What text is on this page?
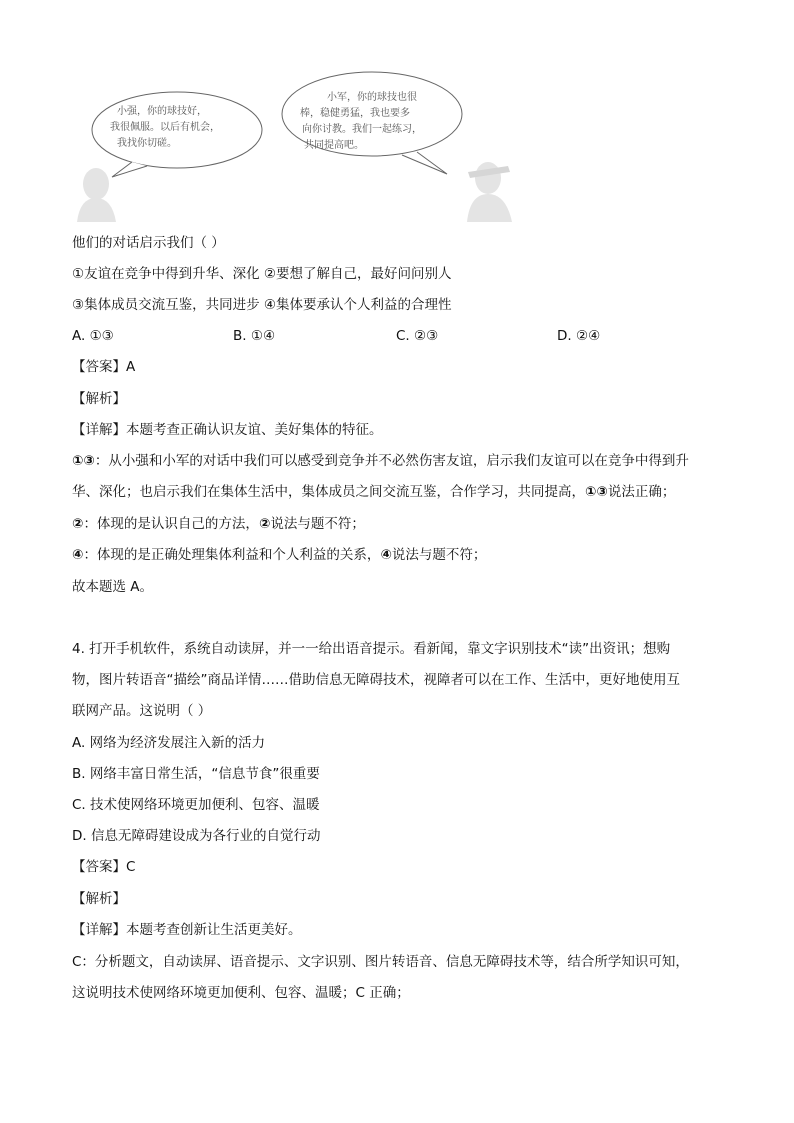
小强，你的球技好，
我很佩服。以后有机会，
我找你切磋。
小军，你的球技也很
棒，稳健勇猛，我也要多
向你讨教。我们一起练习，
共同提高吧。
他们的对话启示我们（ ）
①友谊在竞争中得到升华、深化 ②要想了解自己，最好问问别人
③集体成员交流互鉴，共同进步 ④集体要承认个人利益的合理性
A. ①③	B. ①④	C. ②③	D. ②④
【答案】A
【解析】
【详解】本题考查正确认识友谊、美好集体的特征。
①③：从小强和小军的对话中我们可以感受到竞争并不必然伤害友谊，启示我们友谊可以在竞争中得到升
华、深化；也启示我们在集体生活中，集体成员之间交流互鉴，合作学习，共同提高，①③说法正确；
②：体现的是认识自己的方法，②说法与题不符；
④：体现的是正确处理集体利益和个人利益的关系，④说法与题不符；
故本题选 A。
4. 打开手机软件，系统自动读屏，并一一给出语音提示。看新闻，靠文字识别技术“读”出资讯；想购
物，图片转语音“描绘”商品详情……借助信息无障碍技术，视障者可以在工作、生活中，更好地使用互
联网产品。这说明（ ）
A. 网络为经济发展注入新的活力
B. 网络丰富日常生活，“信息节食”很重要
C. 技术使网络环境更加便利、包容、温暖
D. 信息无障碍建设成为各行业的自觉行动
【答案】C
【解析】
【详解】本题考查创新让生活更美好。
C：分析题文，自动读屏、语音提示、文字识别、图片转语音、信息无障碍技术等，结合所学知识可知，
这说明技术使网络环境更加便利、包容、温暖；C 正确；
